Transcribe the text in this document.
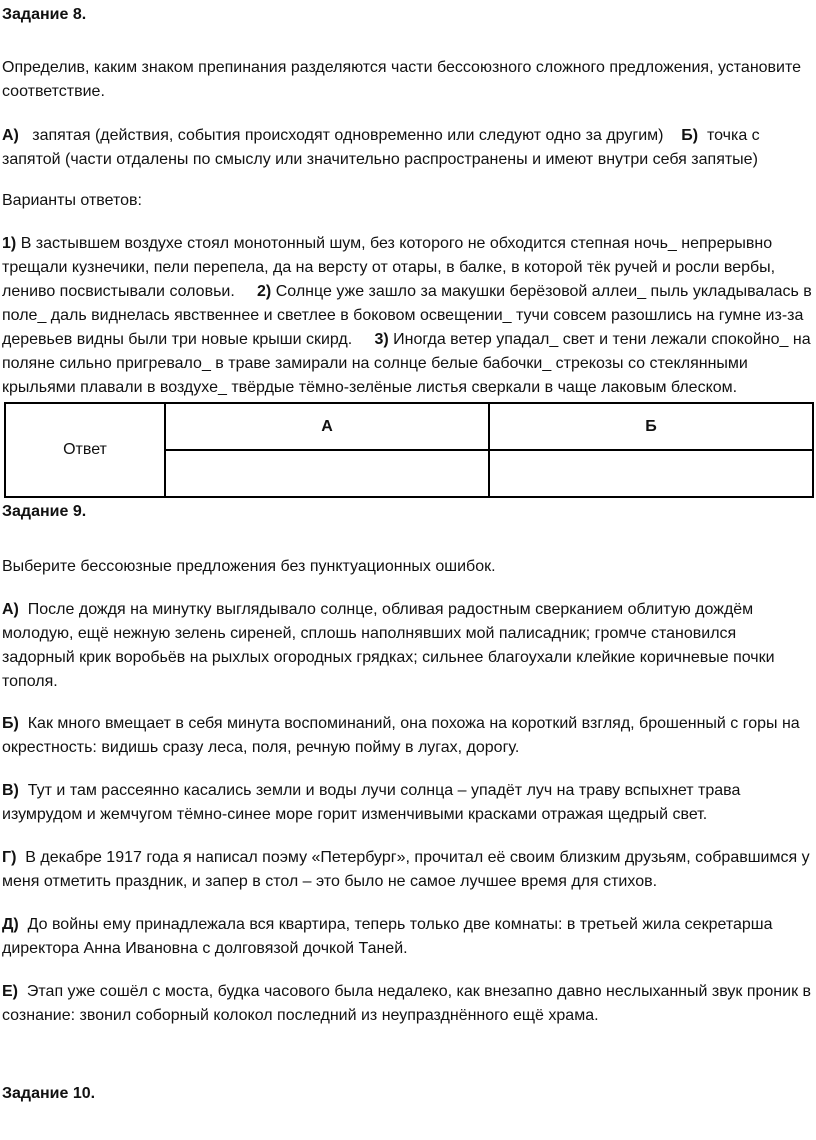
Задание 8.
Определив, каким знаком препинания разделяются части бессоюзного сложного предложения, установите соответствие.
А) запятая (действия, события происходят одновременно или следуют одно за другим) Б) точка с запятой (части отдалены по смыслу или значительно распространены и имеют внутри себя запятые)
Варианты ответов:
1) В застывшем воздухе стоял монотонный шум, без которого не обходится степная ночь_ непрерывно трещали кузнечики, пели перепела, да на версту от отары, в балке, в которой тёк ручей и росли вербы, лениво посвистывали соловьи. 2) Солнце уже зашло за макушки берёзовой аллеи_ пыль укладывалась в поле_ даль виднелась явственнее и светлее в боковом освещении_ тучи совсем разошлись на гумне из-за деревьев видны были три новые крыши скирд. 3) Иногда ветер упадал_ свет и тени лежали спокойно_ на поляне сильно пригревало_ в траве замирали на солнце белые бабочки_ стрекозы со стеклянными крыльями плавали в воздухе_ твёрдые тёмно-зелёные листья сверкали в чаще лаковым блеском.
Ответ	А	Б

Задание 9.
Выберите бессоюзные предложения без пунктуационных ошибок.
А) После дождя на минутку выглядывало солнце, обливая радостным сверканием облитую дождём молодую, ещё нежную зелень сиреней, сплошь наполнявших мой палисадник; громче становился задорный крик воробьёв на рыхлых огородных грядках; сильнее благоухали клейкие коричневые почки тополя.
Б) Как много вмещает в себя минута воспоминаний, она похожа на короткий взгляд, брошенный с горы на окрестность: видишь сразу леса, поля, речную пойму в лугах, дорогу.
В) Тут и там рассеянно касались земли и воды лучи солнца – упадёт луч на траву вспыхнет трава изумрудом и жемчугом тёмно-синее море горит изменчивыми красками отражая щедрый свет.
Г) В декабре 1917 года я написал поэму «Петербург», прочитал её своим близким друзьям, собравшимся у меня отметить праздник, и запер в стол – это было не самое лучшее время для стихов.
Д) До войны ему принадлежала вся квартира, теперь только две комнаты: в третьей жила секретарша директора Анна Ивановна с долговязой дочкой Таней.
Е) Этап уже сошёл с моста, будка часового была недалеко, как внезапно давно неслыханный звук проник в сознание: звонил соборный колокол последний из неупразднённого ещё храма.
Задание 10.
